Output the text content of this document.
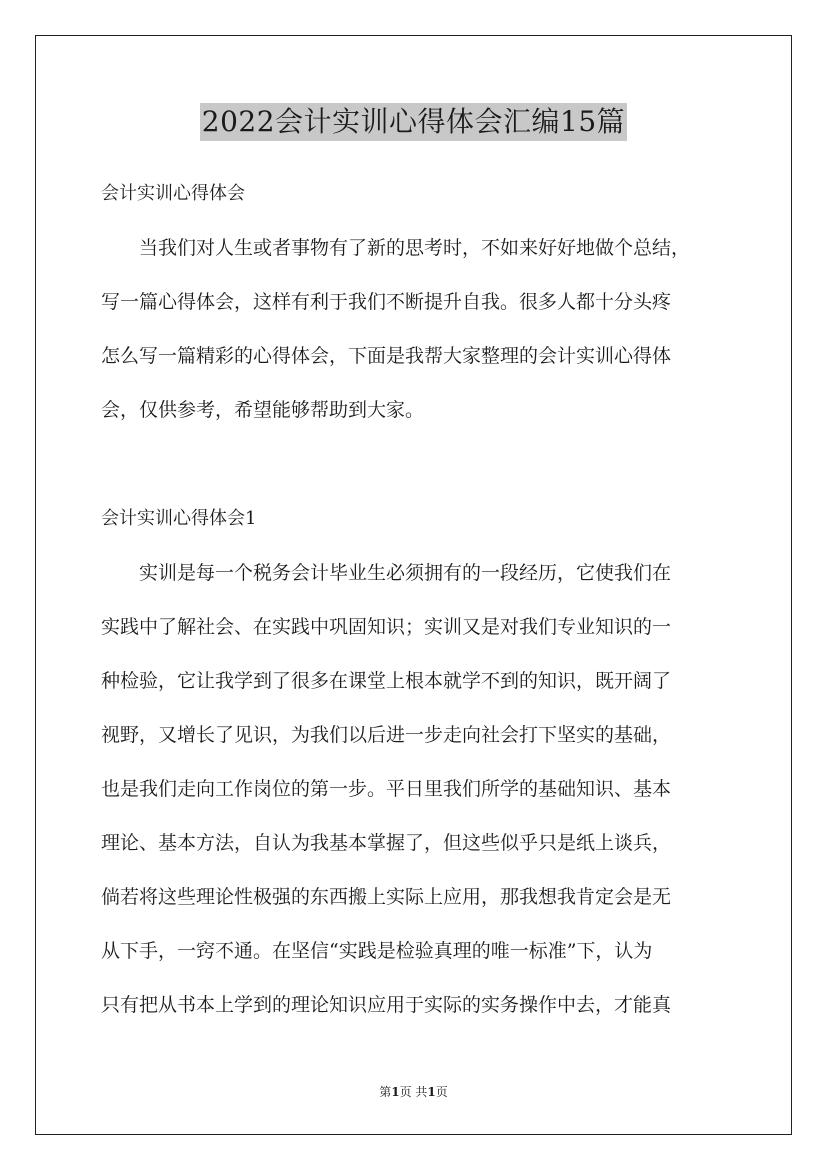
2022会计实训心得体会汇编15篇
会计实训心得体会
当我们对人生或者事物有了新的思考时，不如来好好地做个总结，
写一篇心得体会，这样有利于我们不断提升自我。很多人都十分头疼
怎么写一篇精彩的心得体会，下面是我帮大家整理的会计实训心得体
会，仅供参考，希望能够帮助到大家。
会计实训心得体会1
实训是每一个税务会计毕业生必须拥有的一段经历，它使我们在
实践中了解社会、在实践中巩固知识；实训又是对我们专业知识的一
种检验，它让我学到了很多在课堂上根本就学不到的知识，既开阔了
视野，又增长了见识，为我们以后进一步走向社会打下坚实的基础，
也是我们走向工作岗位的第一步。平日里我们所学的基础知识、基本
理论、基本方法，自认为我基本掌握了，但这些似乎只是纸上谈兵，
倘若将这些理论性极强的东西搬上实际上应用，那我想我肯定会是无
从下手，一窍不通。在坚信“实践是检验真理的唯一标准”下，认为
只有把从书本上学到的理论知识应用于实际的实务操作中去，才能真
第1页 共1页
